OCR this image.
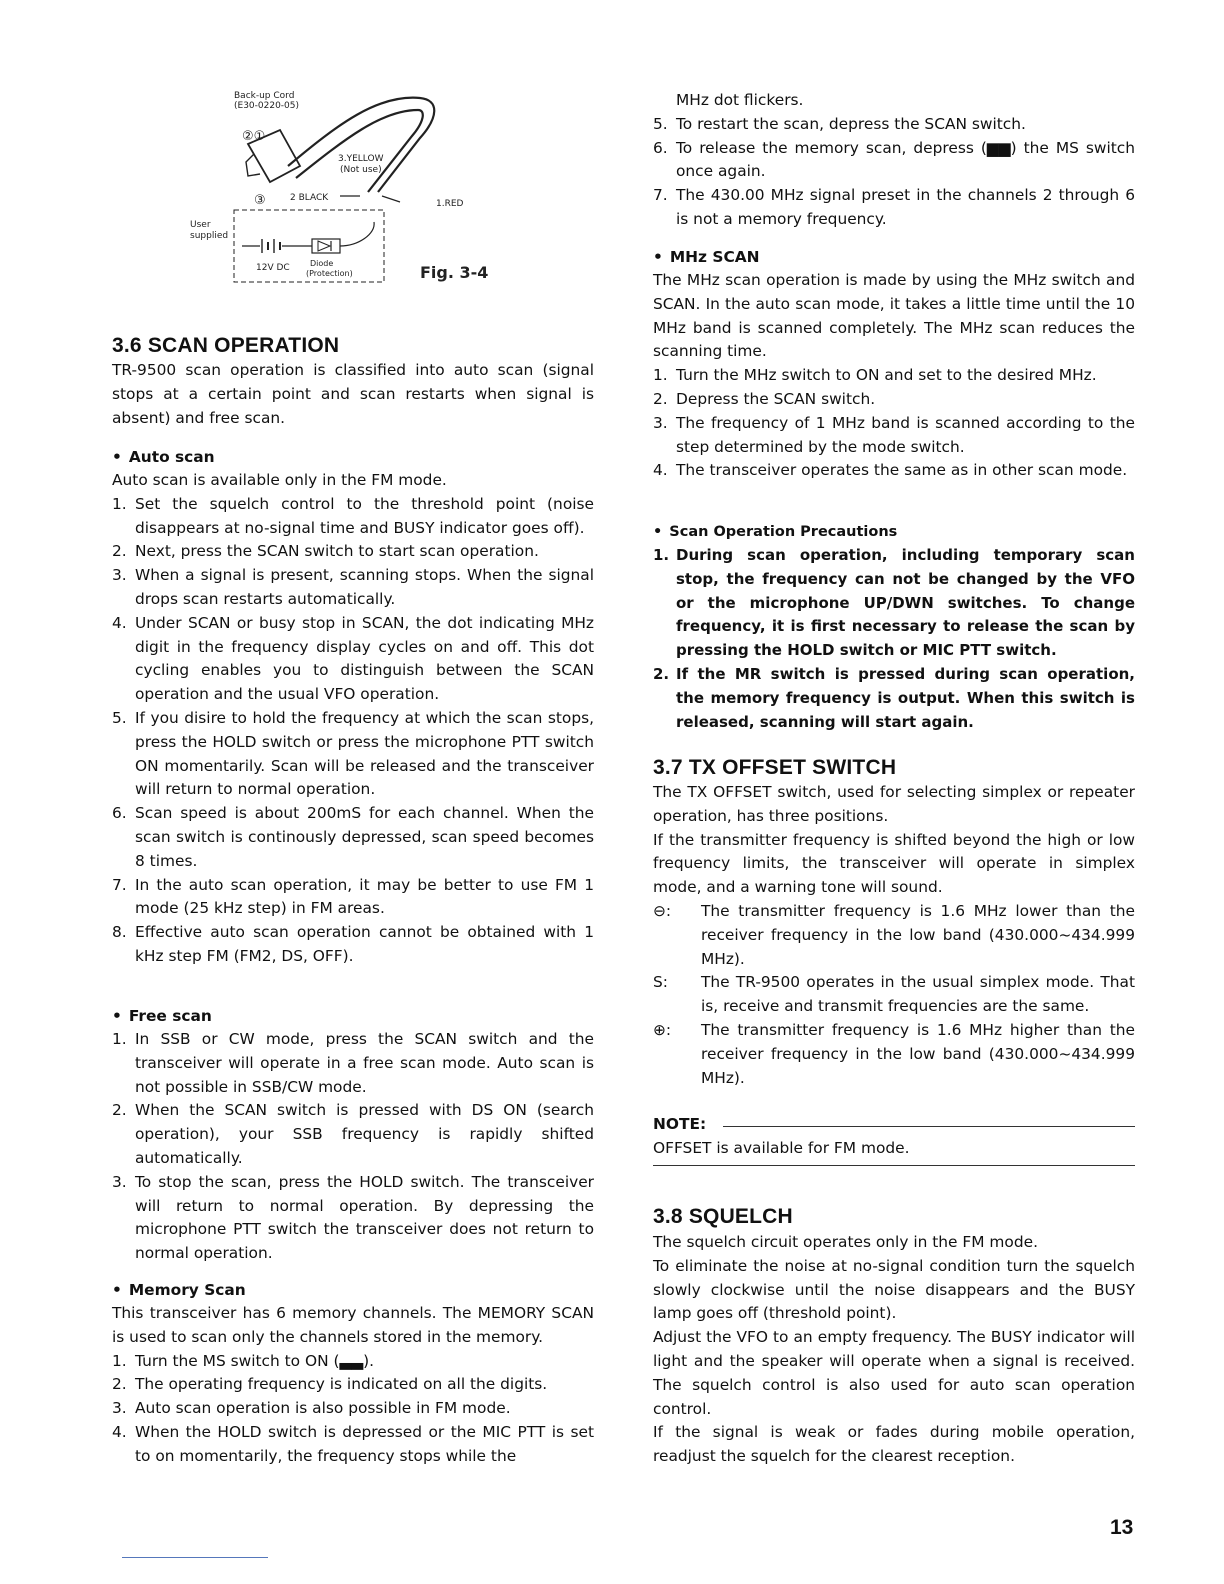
Back-up Cord
(E30-0220-05)
②①
3.YELLOW
(Not use)
③	2 BLACK
1.RED
User
supplied
12V DC	Diode
(Protection)	Fig. 3-4
3.6 SCAN OPERATION

TR-9500 scan operation is classified into auto scan (signal stops at a certain point and scan restarts when signal is absent) and free scan.

• Auto scan

Auto scan is available only in the FM mode.

1. Set the squelch control to the threshold point (noise disappears at no-signal time and BUSY indicator goes off).
2. Next, press the SCAN switch to start scan operation.
3. When a signal is present, scanning stops. When the signal drops scan restarts automatically.
4. Under SCAN or busy stop in SCAN, the dot indicating MHz digit in the frequency display cycles on and off. This dot cycling enables you to distinguish between the SCAN operation and the usual VFO operation.
5. If you disire to hold the frequency at which the scan stops, press the HOLD switch or press the microphone PTT switch ON momentarily. Scan will be released and the transceiver will return to normal operation.
6. Scan speed is about 200mS for each channel. When the scan switch is continously depressed, scan speed becomes 8 times.
7. In the auto scan operation, it may be better to use FM 1 mode (25 kHz step) in FM areas.
8. Effective auto scan operation cannot be obtained with 1 kHz step FM (FM2, DS, OFF).
• Free scan
1. In SSB or CW mode, press the SCAN switch and the transceiver will operate in a free scan mode. Auto scan is not possible in SSB/CW mode.
2. When the SCAN switch is pressed with DS ON (search operation), your SSB frequency is rapidly shifted automatically.
3. To stop the scan, press the HOLD switch. The transceiver will return to normal operation. By depressing the microphone PTT switch the transceiver does not return to normal operation.
• Memory Scan

This transceiver has 6 memory channels. The MEMORY SCAN is used to scan only the channels stored in the memory.

1. Turn the MS switch to ON (▃▃).
2. The operating frequency is indicated on all the digits.
3. Auto scan operation is also possible in FM mode.
4. When the HOLD switch is depressed or the MIC PTT is set to on momentarily, the frequency stops while the

MHz dot flickers.

5. To restart the scan, depress the SCAN switch.
6. To release the memory scan, depress (▆▆) the MS switch once again.
7. The 430.00 MHz signal preset in the channels 2 through 6 is not a memory frequency.
• MHz SCAN

The MHz scan operation is made by using the MHz switch and SCAN. In the auto scan mode, it takes a little time until the 10 MHz band is scanned completely. The MHz scan reduces the scanning time.

1. Turn the MHz switch to ON and set to the desired MHz.
2. Depress the SCAN switch.
3. The frequency of 1 MHz band is scanned according to the step determined by the mode switch.
4. The transceiver operates the same as in other scan mode.
• Scan Operation Precautions
1. During scan operation, including temporary scan stop, the frequency can not be changed by the VFO or the microphone UP/DWN switches. To change frequency, it is first necessary to release the scan by pressing the HOLD switch or MIC PTT switch.
2. If the MR switch is pressed during scan operation, the memory frequency is output. When this switch is released, scanning will start again.
3.7 TX OFFSET SWITCH

The TX OFFSET switch, used for selecting simplex or repeater operation, has three positions.

If the transmitter frequency is shifted beyond the high or low frequency limits, the transceiver will operate in simplex mode, and a warning tone will sound.

⊖: The transmitter frequency is 1.6 MHz lower than the receiver frequency in the low band (430.000~434.999 MHz).
S: The TR-9500 operates in the usual simplex mode. That is, receive and transmit frequencies are the same.
⊕: The transmitter frequency is 1.6 MHz higher than the receiver frequency in the low band (430.000~434.999 MHz).
NOTE:

OFFSET is available for FM mode.

3.8 SQUELCH

The squelch circuit operates only in the FM mode.

To eliminate the noise at no-signal condition turn the squelch slowly clockwise until the noise disappears and the BUSY lamp goes off (threshold point).

Adjust the VFO to an empty frequency. The BUSY indicator will light and the speaker will operate when a signal is received. The squelch control is also used for auto scan operation control.

If the signal is weak or fades during mobile operation, readjust the squelch for the clearest reception.

13
